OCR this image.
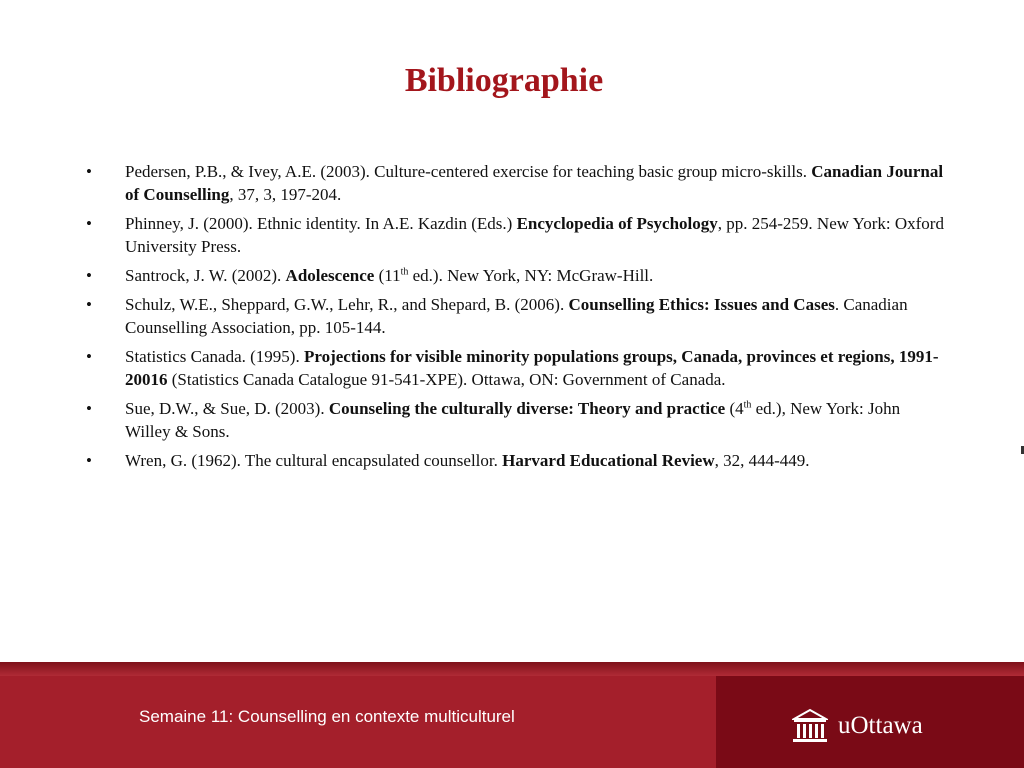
Bibliographie
• Pedersen, P.B., & Ivey, A.E. (2003). Culture-centered exercise for teaching basic group micro-skills. Canadian Journal of Counselling, 37, 3, 197-204.
• Phinney, J. (2000). Ethnic identity. In A.E. Kazdin (Eds.) Encyclopedia of Psychology, pp. 254-259. New York: Oxford University Press.
• Santrock, J. W. (2002). Adolescence (11th ed.). New York, NY: McGraw-Hill.
• Schulz, W.E., Sheppard, G.W., Lehr, R., and Shepard, B. (2006). Counselling Ethics: Issues and Cases. Canadian Counselling Association, pp. 105-144.
• Statistics Canada. (1995). Projections for visible minority populations groups, Canada, provinces et regions, 1991-20016 (Statistics Canada Catalogue 91-541-XPE). Ottawa, ON: Government of Canada.
• Sue, D.W., & Sue, D. (2003). Counseling the culturally diverse: Theory and practice (4th ed.), New York: John Willey & Sons.
• Wren, G. (1962). The cultural encapsulated counsellor. Harvard Educational Review, 32, 444-449.
Semaine 11: Counselling en contexte multiculturel	uOttawa
